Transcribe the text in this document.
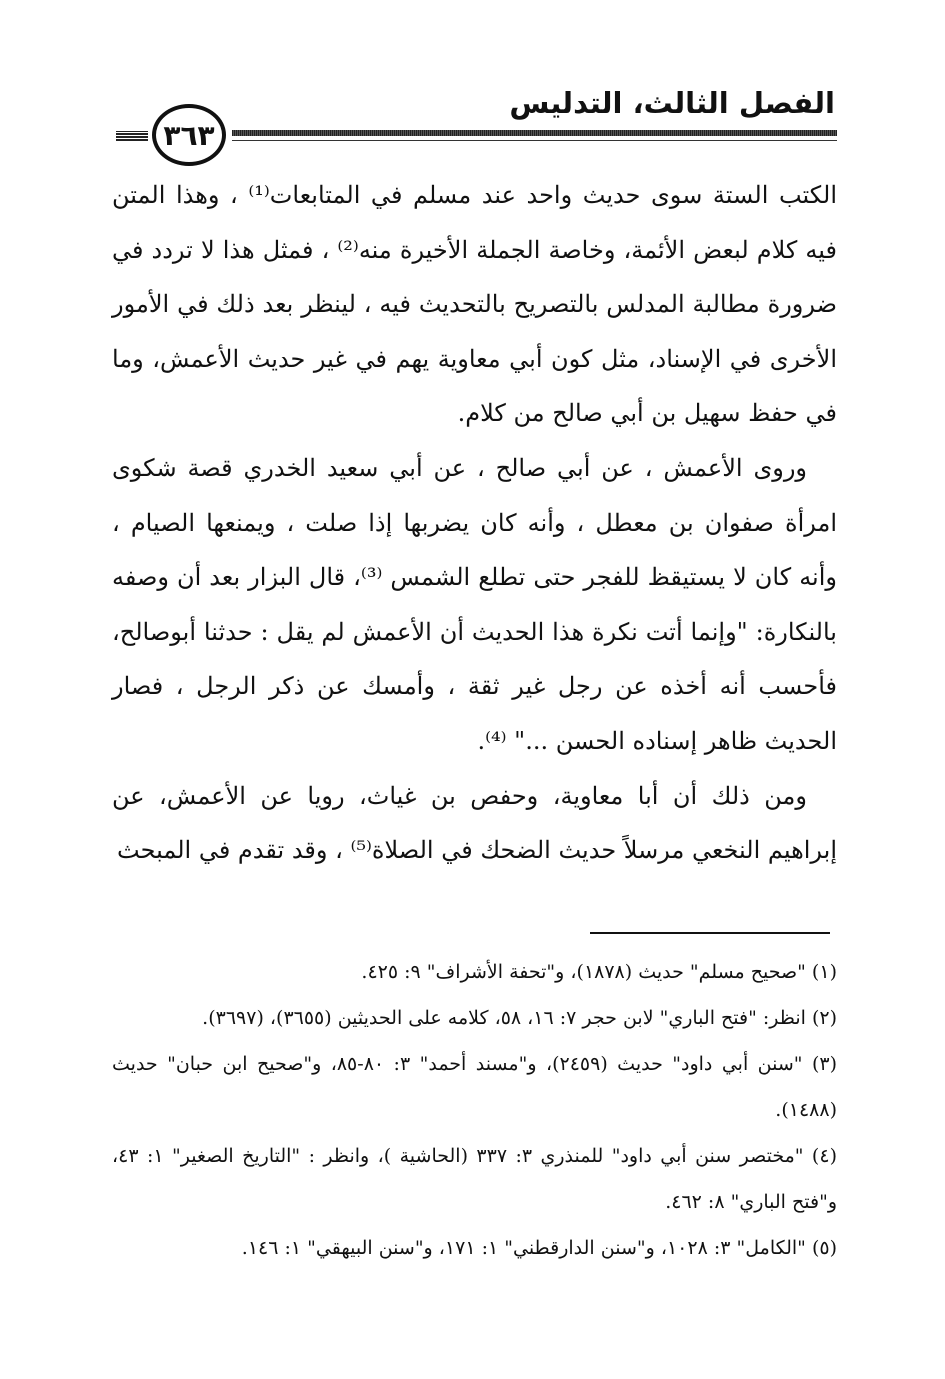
الفصل الثالث، التدليس
٣٦٣

الكتب الستة سوى حديث واحد عند مسلم في المتابعات⁽¹⁾ ، وهذا المتن فيه كلام لبعض الأئمة، وخاصة الجملة الأخيرة منه⁽²⁾ ، فمثل هذا لا تردد في ضرورة مطالبة المدلس بالتصريح بالتحديث فيه ، لينظر بعد ذلك في الأمور الأخرى في الإسناد، مثل كون أبي معاوية يهم في غير حديث الأعمش، وما في حفظ سهيل بن أبي صالح من كلام.

وروى الأعمش ، عن أبي صالح ، عن أبي سعيد الخدري قصة شكوى امرأة صفوان بن معطل ، وأنه كان يضربها إذا صلت ، ويمنعها الصيام ، وأنه كان لا يستيقظ للفجر حتى تطلع الشمس ⁽³⁾، قال البزار بعد أن وصفه بالنكارة: "وإنما أتت نكرة هذا الحديث أن الأعمش لم يقل : حدثنا أبوصالح، فأحسب أنه أخذه عن رجل غير ثقة ، وأمسك عن ذكر الرجل ، فصار الحديث ظاهر إسناده الحسن ..." ⁽⁴⁾.

ومن ذلك أن أبا معاوية، وحفص بن غياث، رويا عن الأعمش، عن إبراهيم النخعي مرسلاً حديث الضحك في الصلاة⁽⁵⁾ ، وقد تقدم في المبحث

(١) "صحيح مسلم" حديث (١٨٧٨)، و"تحفة الأشراف" ٩: ٤٢٥.

(٢) انظر: "فتح الباري" لابن حجر ٧: ١٦، ٥٨، كلامه على الحديثين (٣٦٥٥)، (٣٦٩٧).

(٣) "سنن أبي داود" حديث (٢٤٥٩)، و"مسند أحمد" ٣: ٨٠-٨٥، و"صحيح ابن حبان" حديث (١٤٨٨).

(٤) "مختصر سنن أبي داود" للمنذري ٣: ٣٣٧ (الحاشية )، وانظر : "التاريخ الصغير" ١: ٤٣، و"فتح الباري" ٨: ٤٦٢.

(٥) "الكامل" ٣: ١٠٢٨، و"سنن الدارقطني" ١: ١٧١، و"سنن البيهقي" ١: ١٤٦.
